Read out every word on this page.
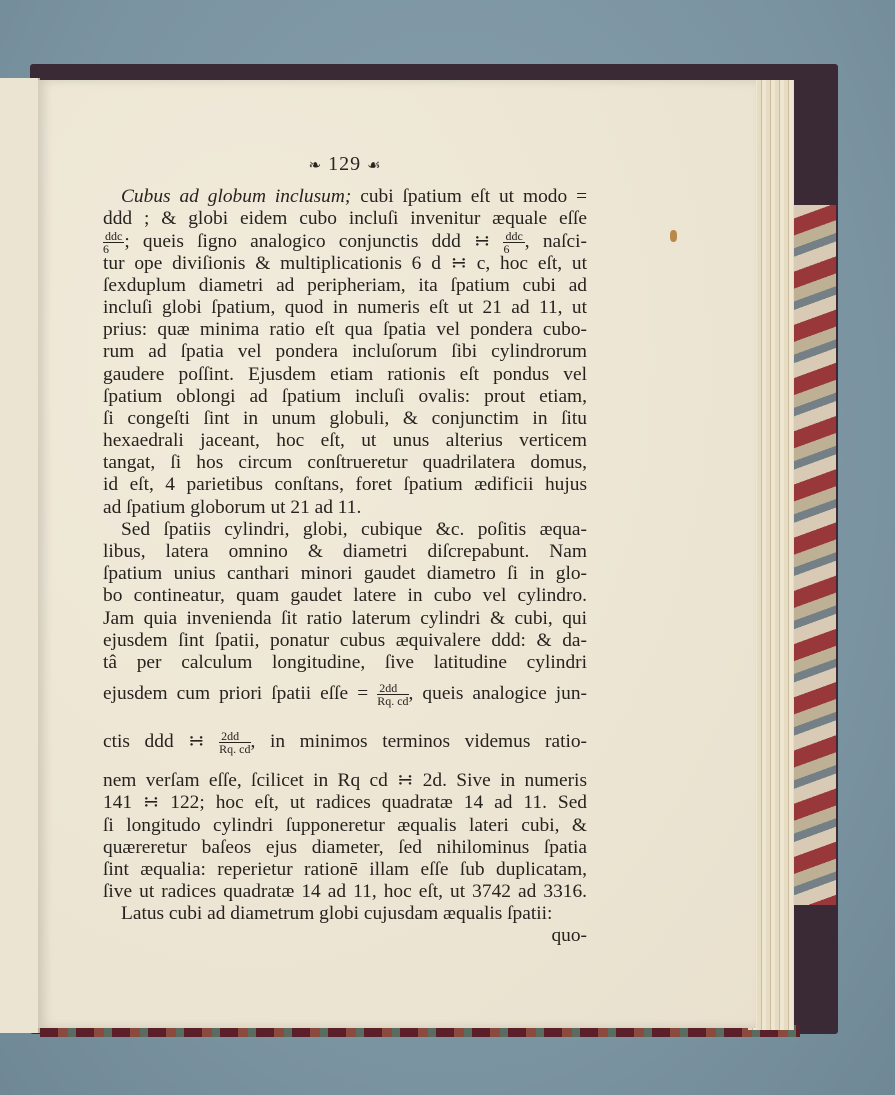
❧ 129 ☙
Cubus ad globum inclusum; cubi ſpatium eſt ut modo =
ddd ; & globi eidem cubo incluſi invenitur æquale eſſe
$\frac{\text{ddc}}{6}$ ; queis ſigno analogico conjunctis ddd ∺ $\frac{\text{ddc}}{6}$ , naſci-
tur ope diviſionis & multiplicationis 6 d ∺ c, hoc eſt, ut
ſexduplum diametri ad peripheriam, ita ſpatium cubi ad
incluſi globi ſpatium, quod in numeris eſt ut 21 ad 11, ut
prius: quæ minima ratio eſt qua ſpatia vel pondera cubo-
rum ad ſpatia vel pondera incluſorum ſibi cylindrorum
gaudere poſſint. Ejusdem etiam rationis eſt pondus vel
ſpatium oblongi ad ſpatium incluſi ovalis: prout etiam,
ſi congeſti ſint in unum globuli, & conjunctim in ſitu
hexaedrali jaceant, hoc eſt, ut unus alterius verticem
tangat, ſi hos circum conſtrueretur quadrilatera domus,
id eſt, 4 parietibus conſtans, foret ſpatium ædificii hujus
ad ſpatium globorum ut 21 ad 11.
Sed ſpatiis cylindri, globi, cubique &c. poſitis æqua-
libus, latera omnino & diametri diſcrepabunt. Nam
ſpatium unius canthari minori gaudet diametro ſi in glo-
bo contineatur, quam gaudet latere in cubo vel cylindro.
Jam quia invenienda ſit ratio laterum cylindri & cubi, qui
ejusdem ſint ſpatii, ponatur cubus æquivalere ddd: & da-
tâ per calculum longitudine, ſive latitudine cylindri
ejusdem cum priori ſpatii eſſe = $\frac{2dd}{Rq. cd}$ , queis analogice jun-
ctis ddd ∺ $\frac{2dd}{Rq. cd}$ , in minimos terminos videmus ratio-
nem verſam eſſe, ſcilicet in Rq cd ∺ 2d. Sive in numeris
141 ∺ 122; hoc eſt, ut radices quadratæ 14 ad 11. Sed
ſi longitudo cylindri ſupponeretur æqualis lateri cubi, &
quæreretur baſeos ejus diameter, ſed nihilominus ſpatia
ſint æqualia: reperietur rationē illam eſſe ſub duplicatam,
ſive ut radices quadratæ 14 ad 11, hoc eſt, ut 3742 ad 3316.
Latus cubi ad diametrum globi cujusdam æqualis ſpatii:
quo-
